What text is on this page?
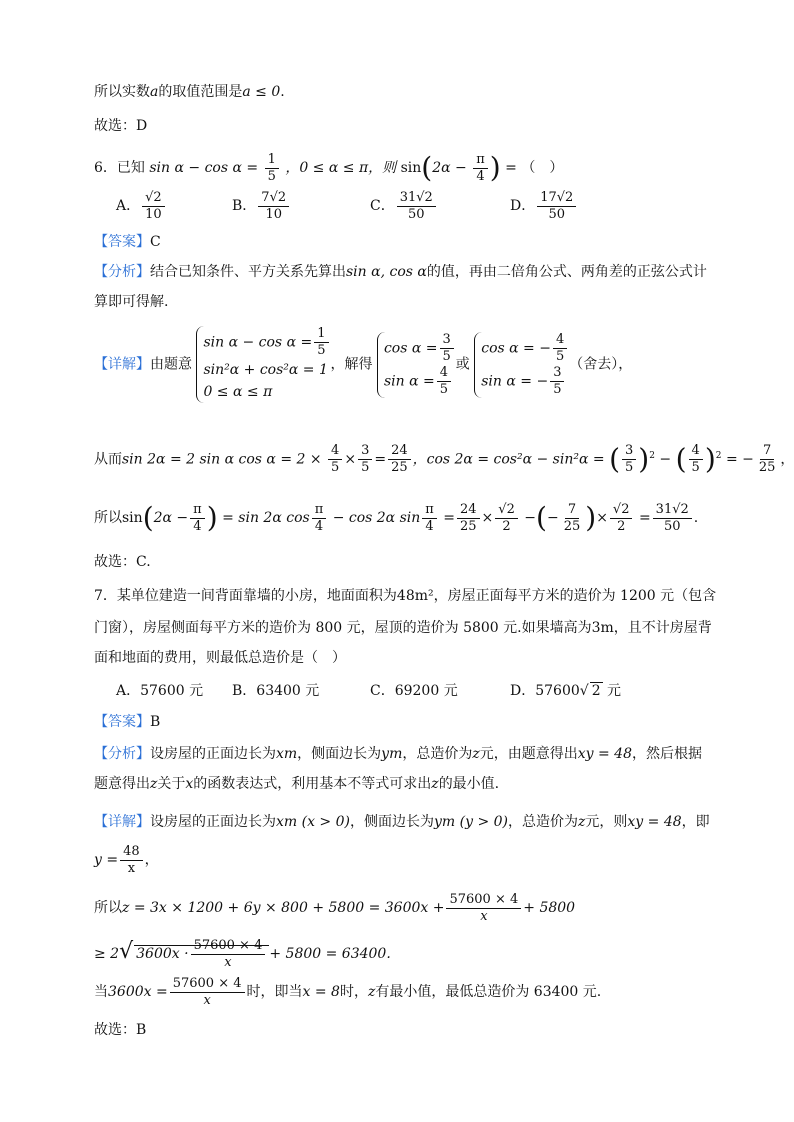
所以实数a的取值范围是a ≤ 0.
故选：D
6．已知 $\sin \alpha - \cos \alpha = \frac{1}{5}$ ，0 ≤ α ≤ π，则 $\sin(2\alpha - \frac{\pi}{4}$ ) = （　）
A． $\frac{√2}{10}$	B． $\frac{7√2}{10}$	C． $\frac{31√2}{50}$	D． $\frac{17√2}{50}$
【答案】C
【分析】结合已知条件、平方关系先算出sin α, cos α的值，再由二倍角公式、两角差的正弦公式计
算即可得解.
【详解】由题意
$\sin \alpha - \cos \alpha = \frac{1}{5}$
sin²α + cos²α = 1
0 ≤ α ≤ π
，解得
$\cos \alpha = \frac{3}{5}$
$\sin \alpha = \frac{4}{5}$ 或
cos α = − $\frac{4}{5}$
sin α = − $\frac{3}{5}$ （舍去），
从而sin 2α = 2 sin α $\cos \alpha = 2 \times \frac{4}{5} \times \frac{3}{5} = \frac{24}{25}$ ，cos 2α = cos²α − sin²α = ( $\frac{3}{5} )^2$ − ( $\frac{4}{5} )^2$ = − $\frac{7}{25}$ ，
所以$\sin(2\alpha - \frac{\pi}{4}$ ) = sin 2α $\cos \frac{\pi}{4} - \cos 2\alpha$ $\sin \frac{\pi}{4} = \frac{24}{25} \times \frac{√2}{2}$ −(− $\frac{7}{25}$ )× $\frac{√2}{2} = \frac{31√2}{50}$ .
故选：C.
7．某单位建造一间背面靠墙的小房，地面面积为48m²，房屋正面每平方米的造价为 1200 元（包含
门窗），房屋侧面每平方米的造价为 800 元，屋顶的造价为 5800 元.如果墙高为3m，且不计房屋背
面和地面的费用，则最低总造价是（　）
A．57600 元 B．63400 元	C．69200 元	D．57600√ 2 元
【答案】B
【分析】设房屋的正面边长为xm，侧面边长为ym，总造价为z元，由题意得出xy = 48，然后根据
题意得出z关于x的函数表达式，利用基本不等式可求出z的最小值.
【详解】设房屋的正面边长为xm (x > 0)，侧面边长为ym (y > 0)，总造价为z元，则xy = 48，即
$y = \frac{48}{x}$ ，
所以$z = 3x \times 1200 + 6y \times 800 + 5800 = 3600x + \frac{57600 \times 4}{x} + 5800$
≥ 2√ $3600x \cdot \frac{57600 \times 4}{x} + 5800 = 63400$.
当$3600x = \frac{57600 \times 4}{x}$ 时，即当x = 8时，z有最小值，最低总造价为 63400 元.
故选：B
